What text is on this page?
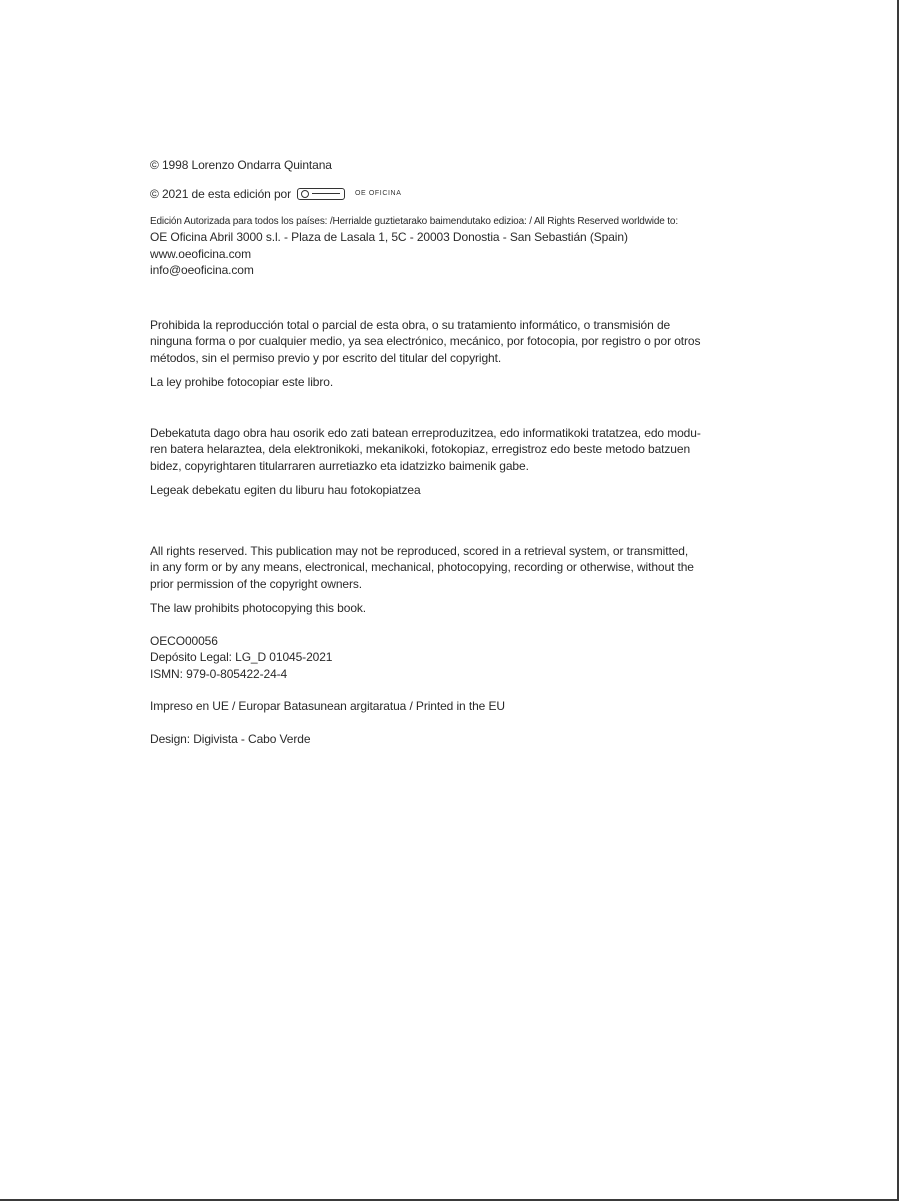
© 1998 Lorenzo Ondarra Quintana
© 2021 de esta edición por	OE OFICINA
Edición Autorizada para todos los países: /Herrialde guztietarako baimendutako edizioa: / All Rights Reserved worldwide to:
OE Oficina Abril 3000 s.l. - Plaza de Lasala 1, 5C - 20003 Donostia - San Sebastián (Spain)
www.oeoficina.com
info@oeoficina.com
Prohibida la reproducción total o parcial de esta obra, o su tratamiento informático, o transmisión de
ninguna forma o por cualquier medio, ya sea electrónico, mecánico, por fotocopia, por registro o por otros
métodos, sin el permiso previo y por escrito del titular del copyright.
La ley prohibe fotocopiar este libro.
Debekatuta dago obra hau osorik edo zati batean erreproduzitzea, edo informatikoki tratatzea, edo modu-
ren batera helaraztea, dela elektronikoki, mekanikoki, fotokopiaz, erregistroz edo beste metodo batzuen
bidez, copyrightaren titularraren aurretiazko eta idatzizko baimenik gabe.
Legeak debekatu egiten du liburu hau fotokopiatzea
All rights reserved. This publication may not be reproduced, scored in a retrieval system, or transmitted,
in any form or by any means, electronical, mechanical, photocopying, recording or otherwise, without the
prior permission of the copyright owners.
The law prohibits photocopying this book.
OECO00056
Depósito Legal: LG_D 01045-2021
ISMN: 979-0-805422-24-4
Impreso en UE / Europar Batasunean argitaratua / Printed in the EU
Design: Digivista - Cabo Verde
